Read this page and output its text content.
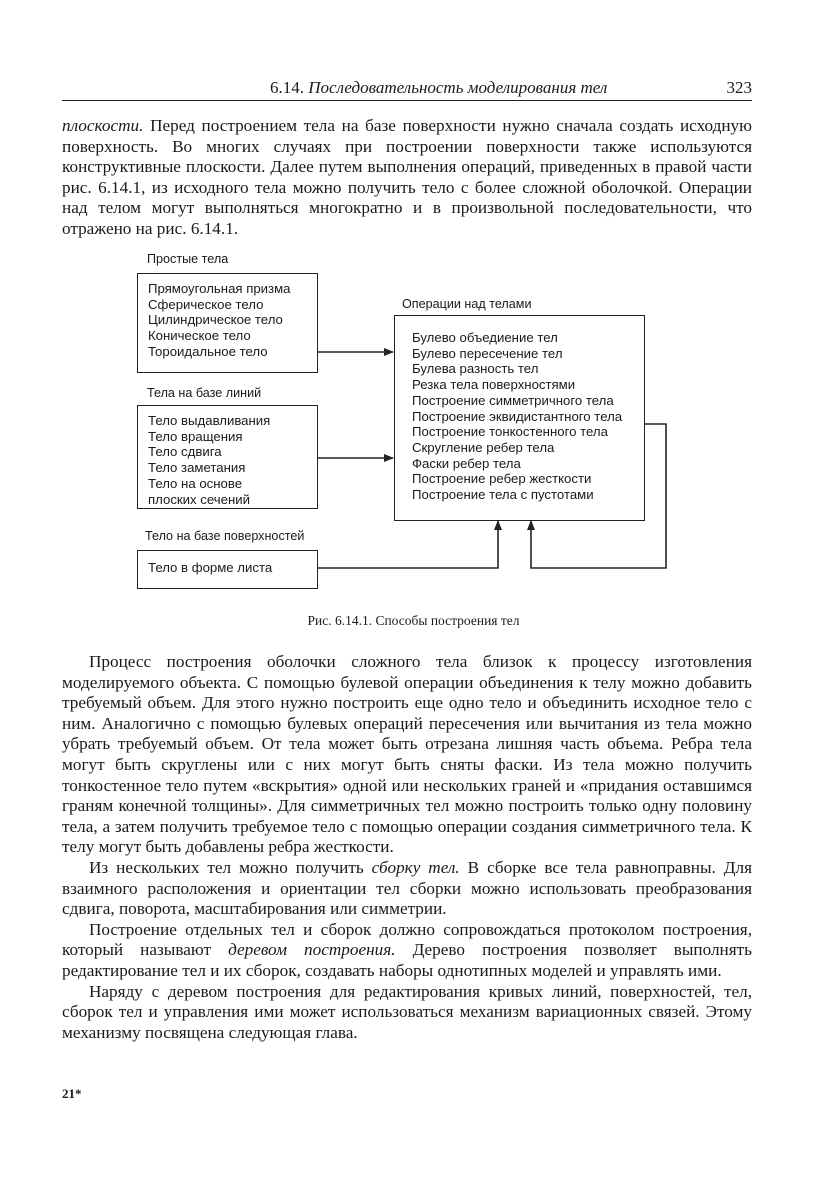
6.14. Последовательность моделирования тел	323

плоскости. Перед построением тела на базе поверхности нужно сначала создать исходную поверхность. Во многих случаях при построении поверхности также используются конструктивные плоскости. Далее путем выполнения операций, приведенных в правой части рис. 6.14.1, из исходного тела можно получить тело с более сложной оболочкой. Операции над телом могут выполняться многократно и в произвольной последовательности, что отражено на рис. 6.14.1.

Простые тела
Прямоугольная призма
Сферическое тело
Цилиндрическое тело
Коническое тело
Тороидальное тело
Тела на базе линий
Тело выдавливания
Тело вращения
Тело сдвига
Тело заметания
Тело на основе
плоских сечений
Тело на базе поверхностей
Тело в форме листа
Операции над телами
Булево объедиение тел
Булево пересечение тел
Булева разность тел
Резка тела поверхностями
Построение симметричного тела
Построение эквидистантного тела
Построение тонкостенного тела
Скругление ребер тела
Фаски ребер тела
Построение ребер жесткости
Построение тела с пустотами
Рис. 6.14.1. Способы построения тел

Процесс построения оболочки сложного тела близок к процессу изготовления моделируемого объекта. С помощью булевой операции объединения к телу можно добавить требуемый объем. Для этого нужно построить еще одно тело и объединить исходное тело с ним. Аналогично с помощью булевых операций пересечения или вычитания из тела можно убрать требуемый объем. От тела может быть отрезана лишняя часть объема. Ребра тела могут быть скруглены или с них могут быть сняты фаски. Из тела можно получить тонкостенное тело путем «вскрытия» одной или нескольких граней и «придания оставшимся граням конечной толщины». Для симметричных тел можно построить только одну половину тела, а затем получить требуемое тело с помощью операции создания симметричного тела. К телу могут быть добавлены ребра жесткости.

Из нескольких тел можно получить сборку тел. В сборке все тела равноправны. Для взаимного расположения и ориентации тел сборки можно использовать преобразования сдвига, поворота, масштабирования или симметрии.

Построение отдельных тел и сборок должно сопровождаться протоколом построения, который называют деревом построения. Дерево построения позволяет выполнять редактирование тел и их сборок, создавать наборы однотипных моделей и управлять ими.

Наряду с деревом построения для редактирования кривых линий, поверхностей, тел, сборок тел и управления ими может использоваться механизм вариационных связей. Этому механизму посвящена следующая глава.

21*
